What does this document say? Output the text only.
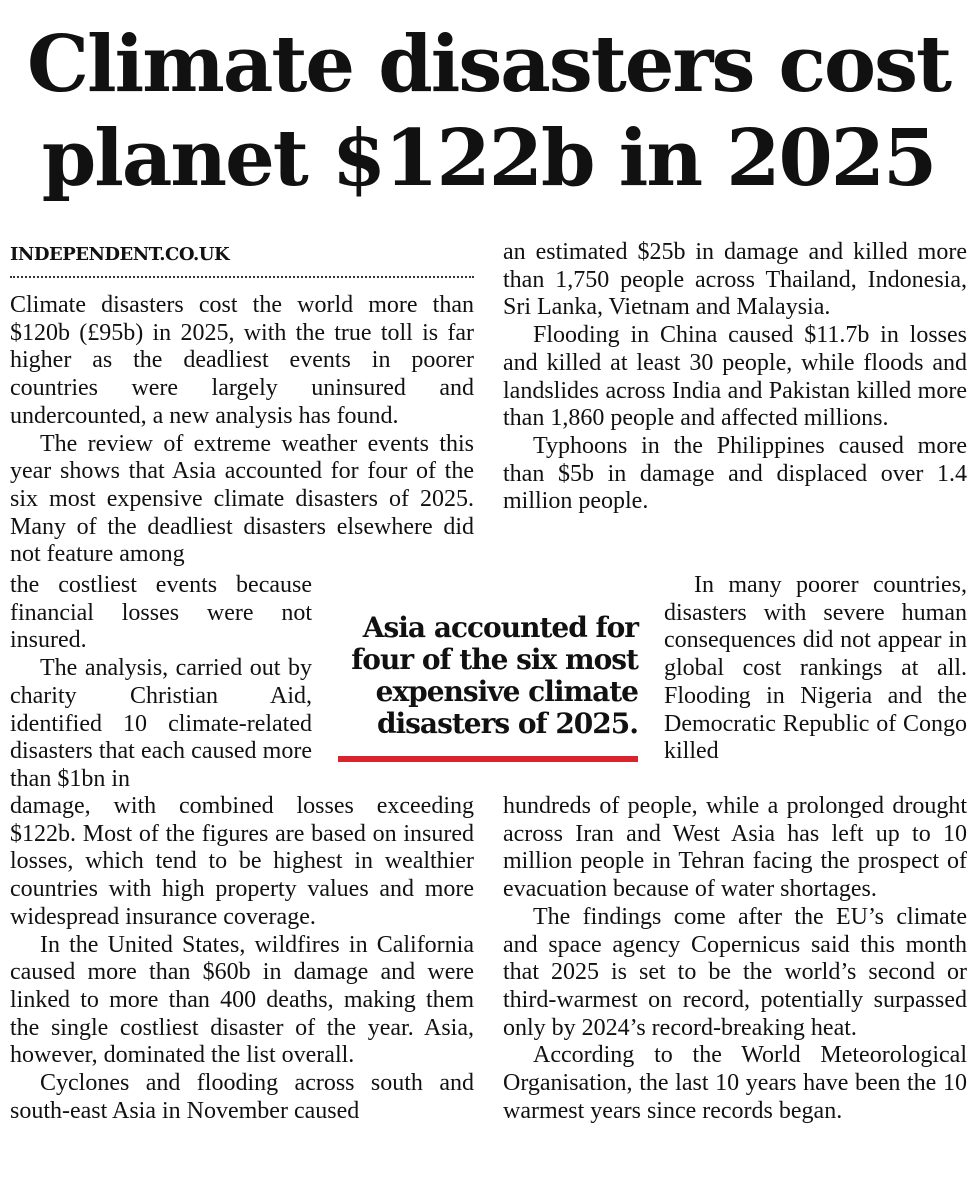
Climate disasters cost
planet $122b in 2025
INDEPENDENT.CO.UK

Climate disasters cost the world more than $120b (£95b) in 2025, with the true toll is far higher as the deadliest events in poorer countries were largely uninsured and undercounted, a new analysis has found.

The review of extreme weather events this year shows that Asia accounted for four of the six most expensive climate disasters of 2025. Many of the deadliest disasters elsewhere did not feature among

the costliest events because financial losses were not insured.

The analysis, carried out by charity Christian Aid, identified 10 climate-related disasters that each caused more than $1bn in

damage, with combined losses exceeding $122b. Most of the figures are based on insured losses, which tend to be highest in wealthier countries with high property values and more widespread insurance coverage.

In the United States, wildfires in California caused more than $60b in damage and were linked to more than 400 deaths, making them the single costliest disaster of the year. Asia, however, dominated the list overall.

Cyclones and flooding across south and south-east Asia in November caused

an estimated $25b in damage and killed more than 1,750 people across Thailand, Indonesia, Sri Lanka, Vietnam and Malaysia.

Flooding in China caused $11.7b in losses and killed at least 30 people, while floods and landslides across India and Pakistan killed more than 1,860 people and affected millions.

Typhoons in the Philippines caused more than $5b in damage and displaced over 1.4 million people.

In many poorer countries, disasters with severe human consequences did not appear in global cost rankings at all. Flooding in Nigeria and the Democratic Republic of Congo killed

hundreds of people, while a prolonged drought across Iran and West Asia has left up to 10 million people in Tehran facing the prospect of evacuation because of water shortages.

The findings come after the EU’s climate and space agency Copernicus said this month that 2025 is set to be the world’s second or third-warmest on record, potentially surpassed only by 2024’s record-breaking heat.

According to the World Meteorological Organisation, the last 10 years have been the 10 warmest years since records began.

Asia accounted for four of the six most expensive climate disasters of 2025.
